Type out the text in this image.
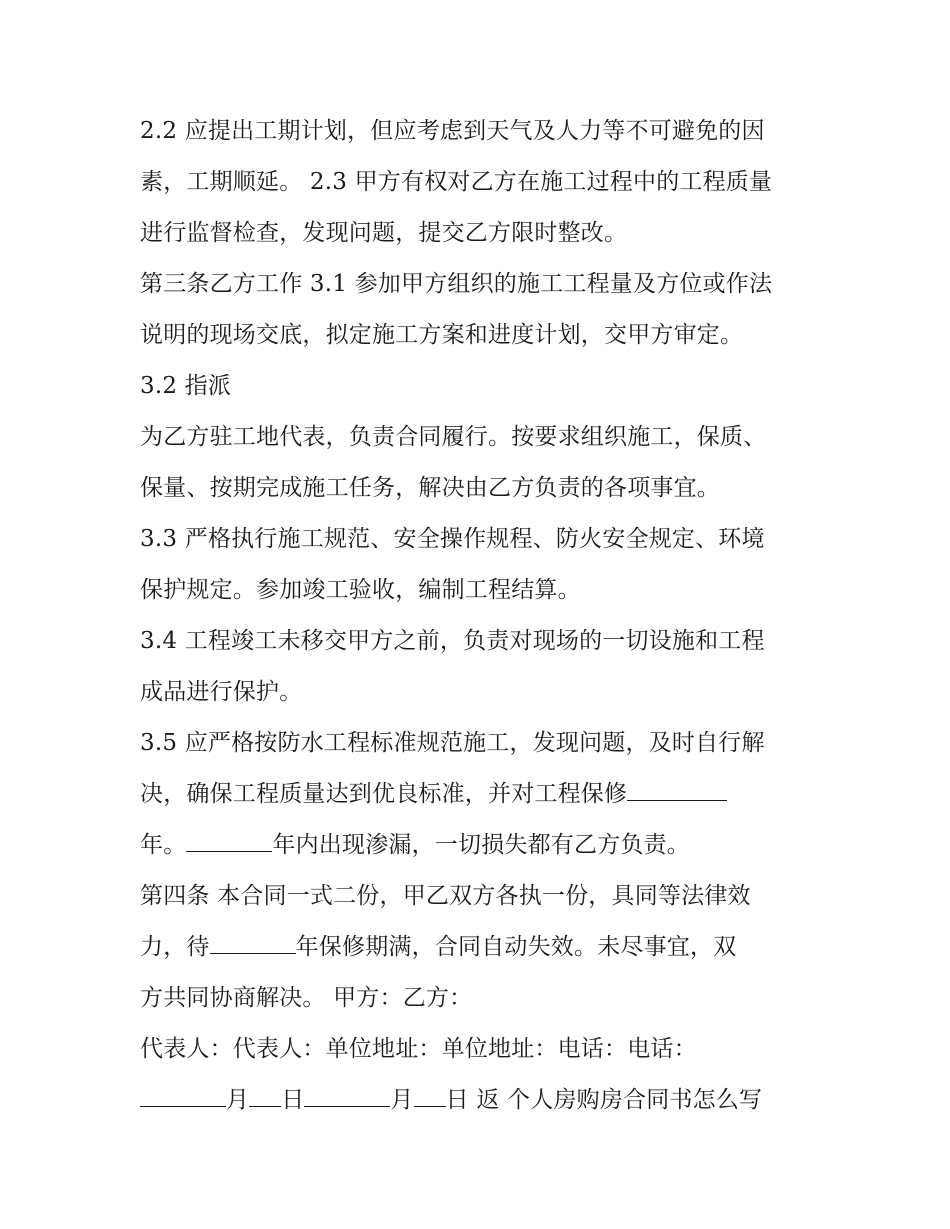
2.2 应提出工期计划，但应考虑到天气及人力等不可避免的因
素，工期顺延。 2.3 甲方有权对乙方在施工过程中的工程质量
进行监督检查，发现问题，提交乙方限时整改。
第三条乙方工作 3.1 参加甲方组织的施工工程量及方位或作法
说明的现场交底，拟定施工方案和进度计划，交甲方审定。
3.2 指派
为乙方驻工地代表，负责合同履行。按要求组织施工，保质、
保量、按期完成施工任务，解决由乙方负责的各项事宜。
3.3 严格执行施工规范、安全操作规程、防火安全规定、环境
保护规定。参加竣工验收，编制工程结算。
3.4 工程竣工未移交甲方之前，负责对现场的一切设施和工程
成品进行保护。
3.5 应严格按防水工程标准规范施工，发现问题，及时自行解
决，确保工程质量达到优良标准，并对工程保修
年。	年内出现渗漏，一切损失都有乙方负责。
第四条 本合同一式二份，甲乙双方各执一份，具同等法律效
力，待	年保修期满，合同自动失效。未尽事宜，双
方共同协商解决。 甲方：乙方：
代表人：代表人：单位地址：单位地址：电话：电话：
月 日	月 日 返 个人房购房合同书怎么写
